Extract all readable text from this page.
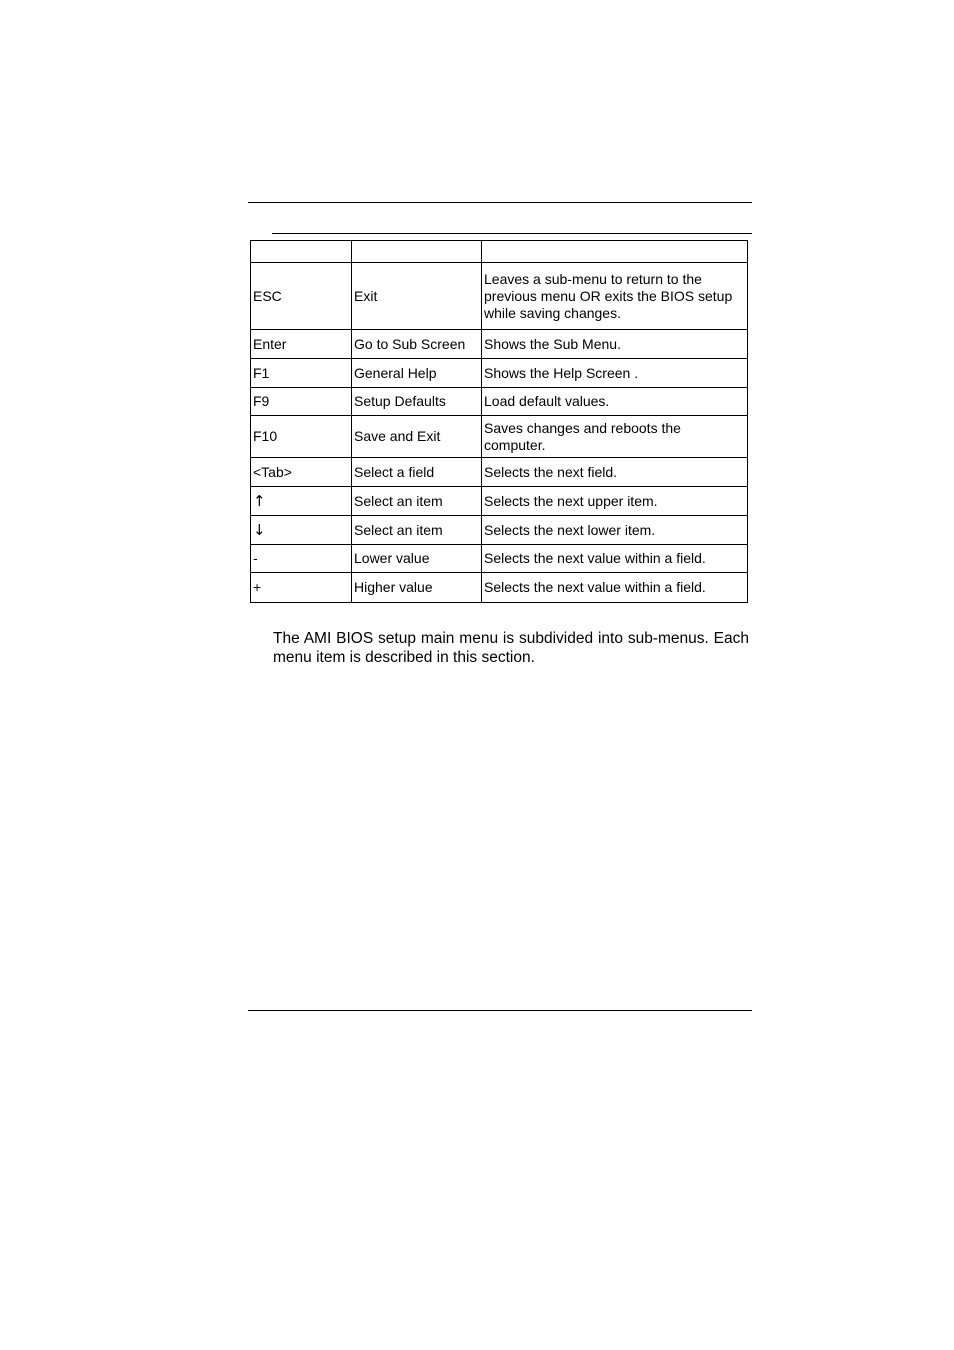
ESC	Exit	Leaves a sub-menu to return to the previous menu OR exits the BIOS setup while saving changes.
Enter	Go to Sub Screen	Shows the Sub Menu.
F1	General Help	Shows the Help Screen .
F9	Setup Defaults	Load default values.
F10	Save and Exit	Saves changes and reboots the computer.
<Tab>	Select a field	Selects the next field.
↑	Select an item	Selects the next upper item.
↓	Select an item	Selects the next lower item.
-	Lower value	Selects the next value within a field.
+	Higher value	Selects the next value within a field.

The AMI BIOS setup main menu is subdivided into sub-menus. Each menu item is described in this section.
